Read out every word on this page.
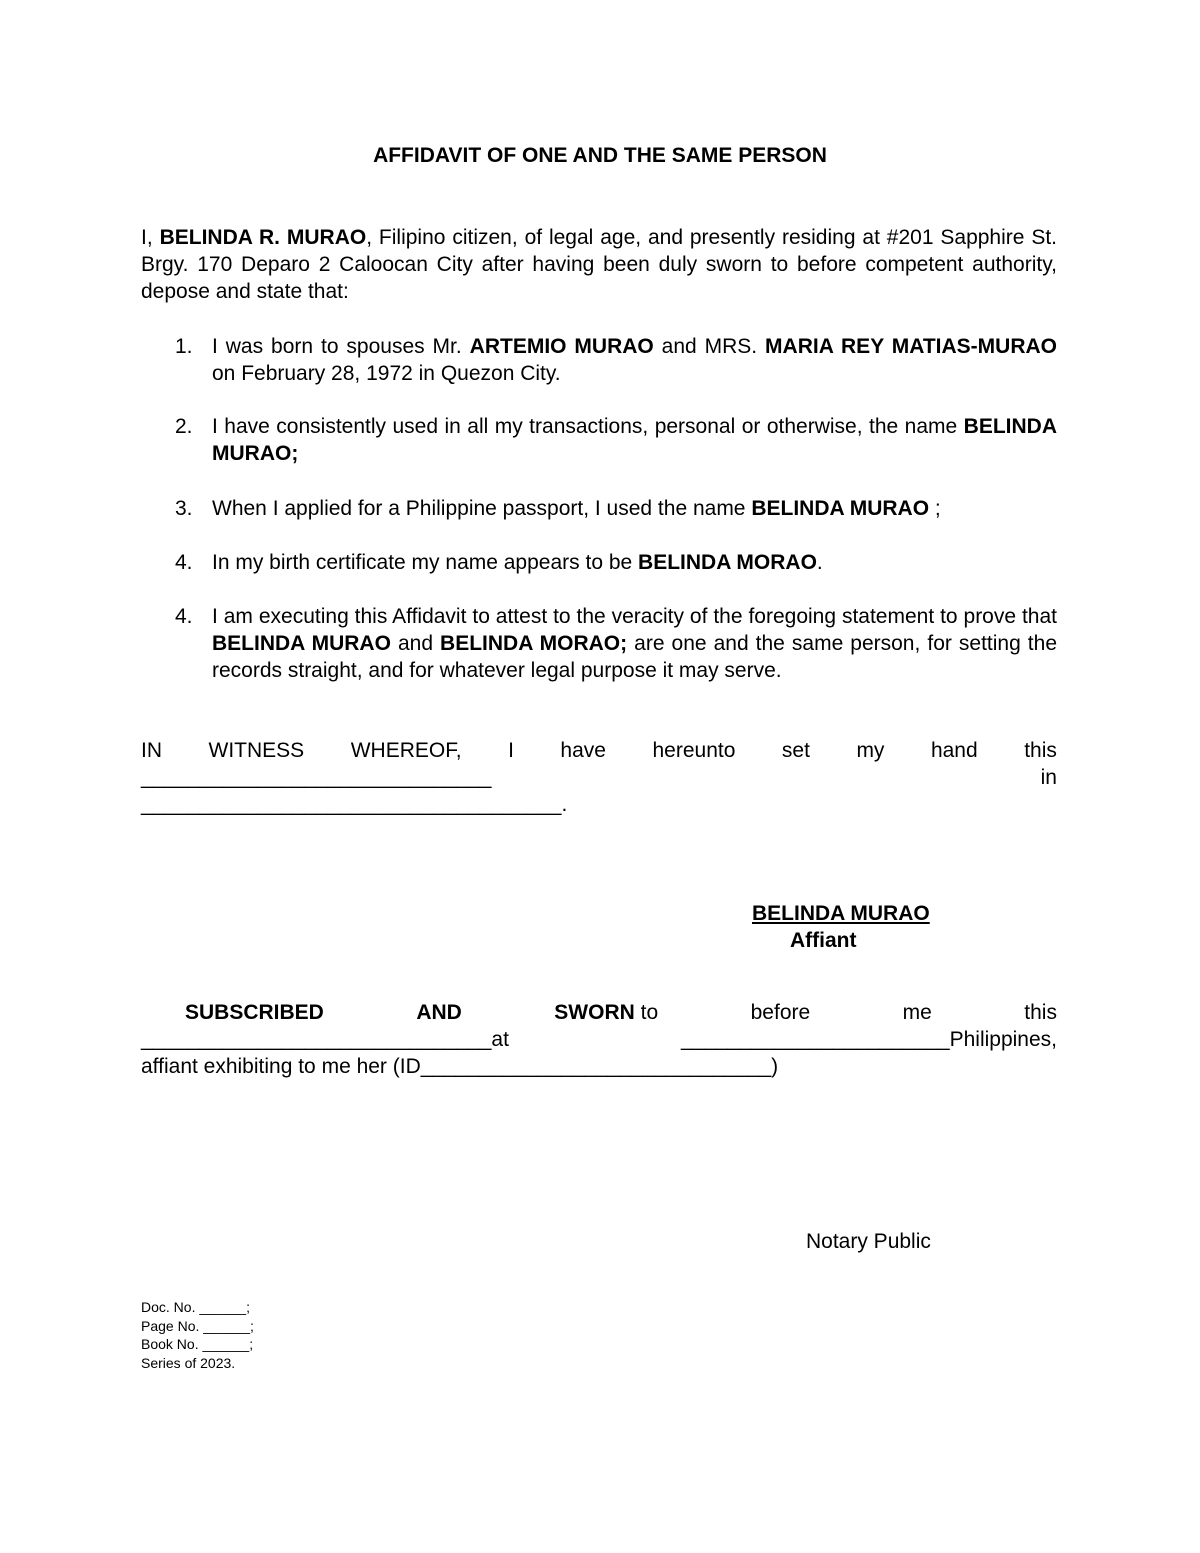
AFFIDAVIT OF ONE AND THE SAME PERSON
I, BELINDA R. MURAO, Filipino citizen, of legal age, and presently residing at #201 Sapphire St. Brgy. 170 Deparo 2 Caloocan City after having been duly sworn to before competent authority, depose and state that:
1. I was born to spouses Mr. ARTEMIO MURAO and MRS. MARIA REY MATIAS-MURAO on February 28, 1972 in Quezon City.
2. I have consistently used in all my transactions, personal or otherwise, the name BELINDA MURAO;
3. When I applied for a Philippine passport, I used the name BELINDA MURAO ;
4. In my birth certificate my name appears to be BELINDA MORAO.
4. I am executing this Affidavit to attest to the veracity of the foregoing statement to prove that BELINDA MURAO and BELINDA MORAO; are one and the same person, for setting the records straight, and for whatever legal purpose it may serve.
IN WITNESS WHEREOF, I have hereunto set my hand this
______________________________	in
____________________________________.
BELINDA MURAO
Affiant
SUBSCRIBED	AND	SWORN to	before	me	this
______________________________at	_______________________Philippines,
affiant exhibiting to me her (ID______________________________)
Notary Public
Doc. No. ______;
Page No. ______;
Book No. ______;
Series of 2023.
